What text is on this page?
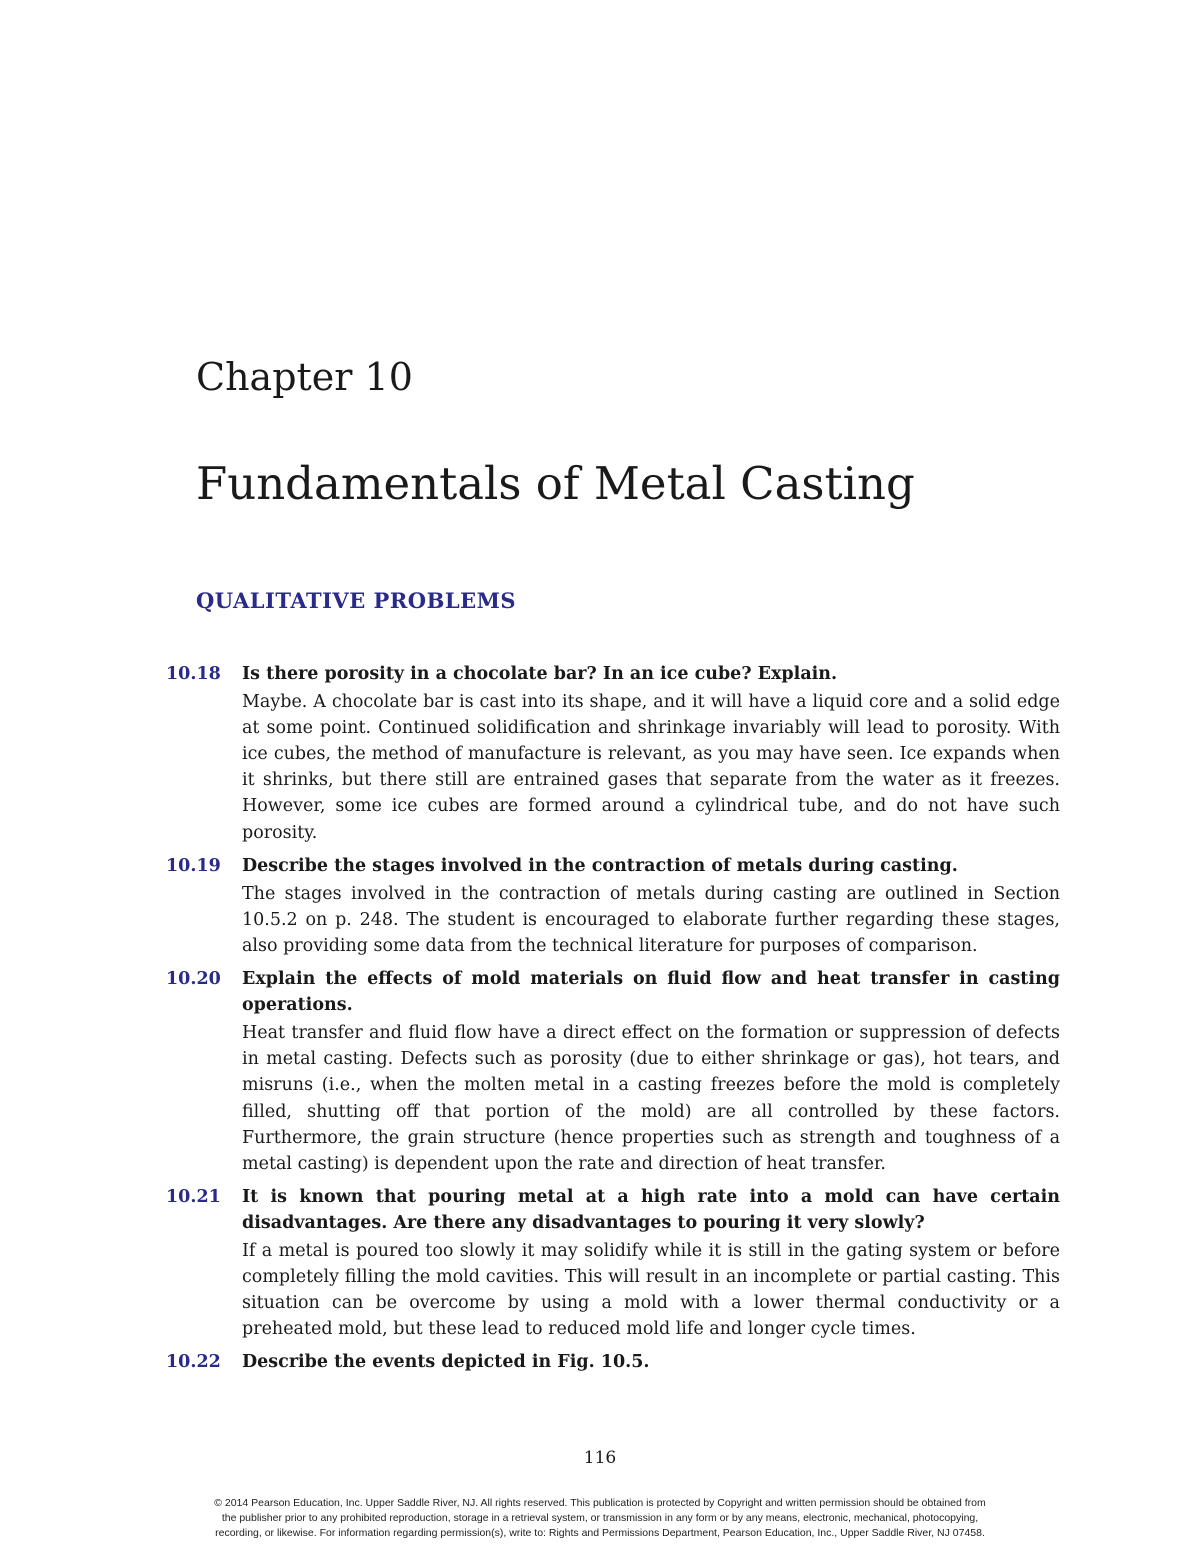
Chapter 10
Fundamentals of Metal Casting
QUALITATIVE PROBLEMS
10.18	Is there porosity in a chocolate bar? In an ice cube? Explain.
Maybe. A chocolate bar is cast into its shape, and it will have a liquid core and a solid edge at some point. Continued solidification and shrinkage invariably will lead to porosity. With ice cubes, the method of manufacture is relevant, as you may have seen. Ice expands when it shrinks, but there still are entrained gases that separate from the water as it freezes. However, some ice cubes are formed around a cylindrical tube, and do not have such porosity.
10.19	Describe the stages involved in the contraction of metals during casting.
The stages involved in the contraction of metals during casting are outlined in Section 10.5.2 on p. 248. The student is encouraged to elaborate further regarding these stages, also providing some data from the technical literature for purposes of comparison.
10.20	Explain the effects of mold materials on fluid flow and heat transfer in casting operations.
Heat transfer and fluid flow have a direct effect on the formation or suppression of defects in metal casting. Defects such as porosity (due to either shrinkage or gas), hot tears, and misruns (i.e., when the molten metal in a casting freezes before the mold is completely filled, shutting off that portion of the mold) are all controlled by these factors. Furthermore, the grain structure (hence properties such as strength and toughness of a metal casting) is dependent upon the rate and direction of heat transfer.
10.21	It is known that pouring metal at a high rate into a mold can have certain disadvantages. Are there any disadvantages to pouring it very slowly?
If a metal is poured too slowly it may solidify while it is still in the gating system or before completely filling the mold cavities. This will result in an incomplete or partial casting. This situation can be overcome by using a mold with a lower thermal conductivity or a preheated mold, but these lead to reduced mold life and longer cycle times.
10.22	Describe the events depicted in Fig. 10.5.
116
© 2014 Pearson Education, Inc. Upper Saddle River, NJ. All rights reserved. This publication is protected by Copyright and written permission should be obtained from
the publisher prior to any prohibited reproduction, storage in a retrieval system, or transmission in any form or by any means, electronic, mechanical, photocopying,
recording, or likewise. For information regarding permission(s), write to: Rights and Permissions Department, Pearson Education, Inc., Upper Saddle River, NJ 07458.
